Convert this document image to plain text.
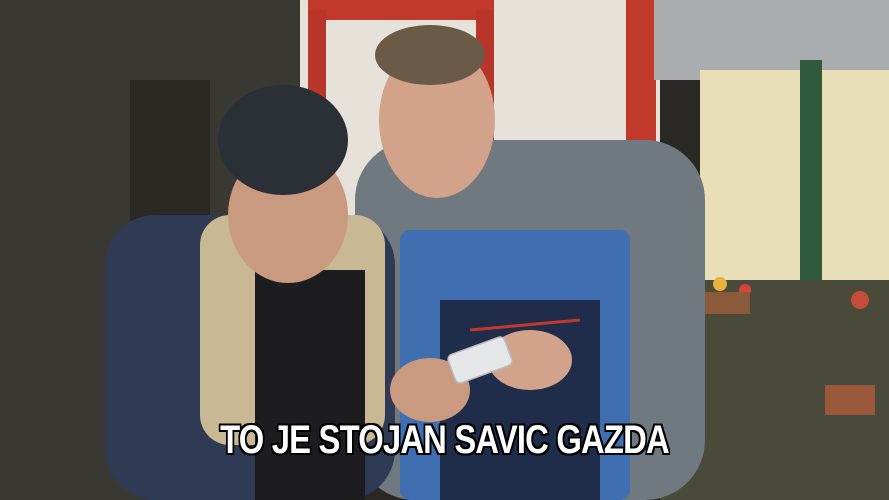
TO JE STOJAN SAVIC GAZDA
